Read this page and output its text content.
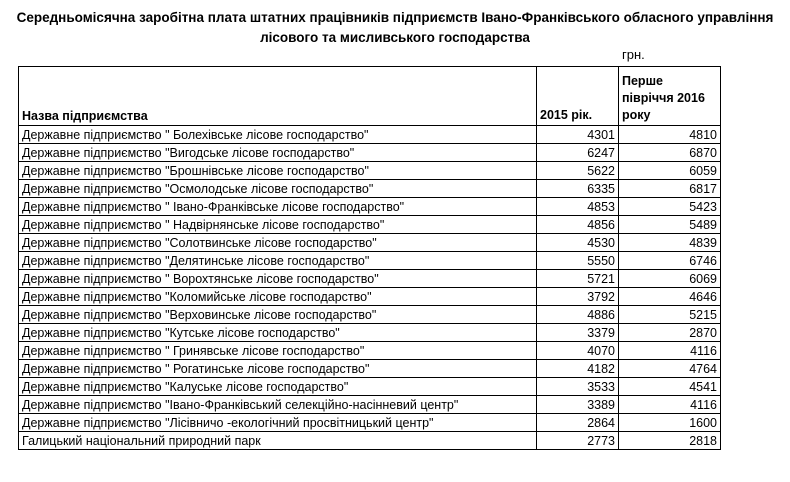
Середньомісячна заробітна плата штатних працівників підприємств Івано-Франківського обласного управління
лісового та мисливського господарства
грн.
Назва підприємства	2015 рік.	Перше півріччя 2016 року
Державне підприємство " Болехівське лісове господарство"	4301	4810
Державне підприємство "Вигодське лісове господарство"	6247	6870
Державне підприємство "Брошнівське лісове господарство"	5622	6059
Державне підприємство "Осмолодське лісове господарство"	6335	6817
Державне підприємство " Івано-Франківське лісове господарство"	4853	5423
Державне підприємство " Надвірнянське лісове господарство"	4856	5489
Державне підприємство "Солотвинське лісове господарство"	4530	4839
Державне підприємство "Делятинське лісове господарство"	5550	6746
Державне підприємство " Ворохтянське лісове господарство"	5721	6069
Державне підприємство "Коломийське лісове господарство"	3792	4646
Державне підприємство "Верховинське лісове господарство"	4886	5215
Державне підприємство "Кутське лісове господарство"	3379	2870
Державне підприємство " Гринявське лісове господарство"	4070	4116
Державне підприємство " Рогатинське лісове господарство"	4182	4764
Державне підприємство "Калуське лісове господарство"	3533	4541
Державне підприємство "Івано-Франківський селекційно-насінневий центр"	3389	4116
Державне підприємство "Лісівничо -екологічний просвітницький центр"	2864	1600
Галицький національний природний парк	2773	2818
